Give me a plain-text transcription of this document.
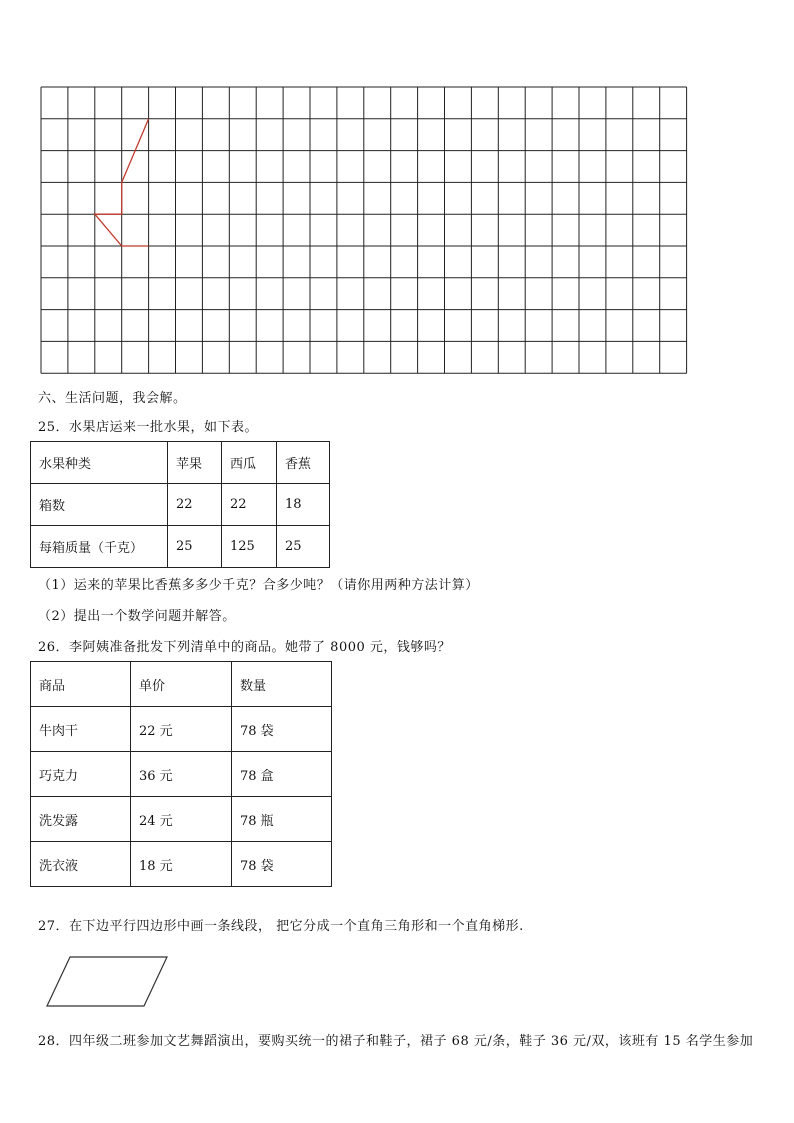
六、生活问题，我会解。
25．水果店运来一批水果，如下表。
水果种类	苹果	西瓜	香蕉
箱数	22	22	18
每箱质量（千克）	25	125	25
（1）运来的苹果比香蕉多多少千克？合多少吨？（请你用两种方法计算）
（2）提出一个数学问题并解答。
26．李阿姨准备批发下列清单中的商品。她带了 8000 元，钱够吗？
商品	单价	数量
牛肉干	22 元	78 袋
巧克力	36 元	78 盒
洗发露	24 元	78 瓶
洗衣液	18 元	78 袋
27．在下边平行四边形中画一条线段， 把它分成一个直角三角形和一个直角梯形.
28．四年级二班参加文艺舞蹈演出，要购买统一的裙子和鞋子，裙子 68 元/条，鞋子 36 元/双，该班有 15 名学生参加
